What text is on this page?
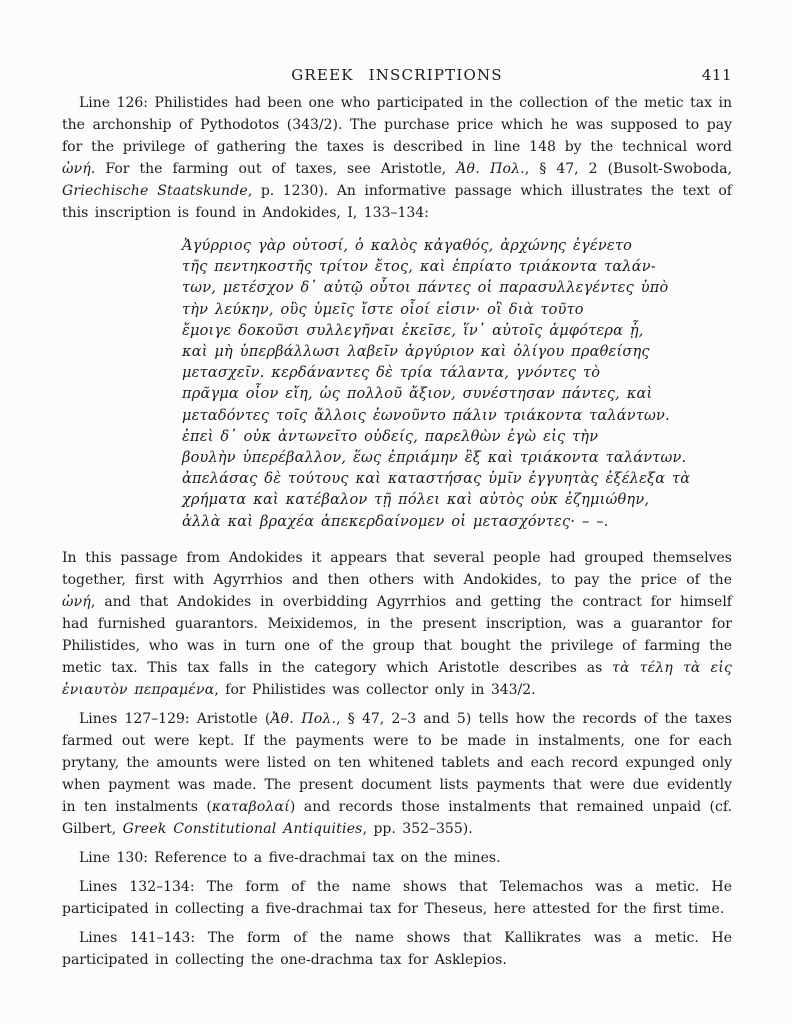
GREEK INSCRIPTIONS	411

Line 126: Philistides had been one who participated in the collection of the metic tax in the archonship of Pythodotos (343/2). The purchase price which he was supposed to pay for the privilege of gathering the taxes is described in line 148 by the technical word ὠνή. For the farming out of taxes, see Aristotle, Ἀθ. Πολ., § 47, 2 (Busolt-Swoboda, Griechische Staatskunde, p. 1230). An informative passage which illustrates the text of this inscription is found in Andokides, I, 133–134:

Ἀγύρριος γὰρ οὑτοσί, ὁ καλὸς κἀγαθός, ἀρχώνης ἐγένετο
τῆς πεντηκοστῆς τρίτον ἔτος, καὶ ἐπρίατο τριάκοντα ταλάν-
των, μετέσχον δ᾽ αὐτῷ οὗτοι πάντες οἱ παρασυλλεγέντες ὑπὸ
τὴν λεύκην, οὓς ὑμεῖς ἴστε οἷοί εἰσιν· οἳ διὰ τοῦτο
ἔμοιγε δοκοῦσι συλλεγῆναι ἐκεῖσε, ἵν᾽ αὐτοῖς ἀμφότερα ᾖ,
καὶ μὴ ὑπερβάλλωσι λαβεῖν ἀργύριον καὶ ὀλίγου πραθείσης
μετασχεῖν. κερδάναντες δὲ τρία τάλαντα, γνόντες τὸ
πρᾶγμα οἷον εἴη, ὡς πολλοῦ ἄξιον, συνέστησαν πάντες, καὶ
μεταδόντες τοῖς ἄλλοις ἐωνοῦντο πάλιν τριάκοντα ταλάντων.
ἐπεὶ δ᾽ οὐκ ἀντωνεῖτο οὐδείς, παρελθὼν ἐγὼ εἰς τὴν
βουλὴν ὑπερέβαλλον, ἕως ἐπριάμην ἓξ καὶ τριάκοντα ταλάντων.
ἀπελάσας δὲ τούτους καὶ καταστήσας ὑμῖν ἐγγυητὰς ἐξέλεξα τὰ
χρήματα καὶ κατέβαλον τῇ πόλει καὶ αὐτὸς οὐκ ἐζημιώθην,
ἀλλὰ καὶ βραχέα ἀπεκερδαίνομεν οἱ μετασχόντες· – –.

In this passage from Andokides it appears that several people had grouped themselves together, first with Agyrrhios and then others with Andokides, to pay the price of the ὠνή, and that Andokides in overbidding Agyrrhios and getting the contract for himself had furnished guarantors. Meixidemos, in the present inscription, was a guarantor for Philistides, who was in turn one of the group that bought the privilege of farming the metic tax. This tax falls in the category which Aristotle describes as τὰ τέλη τὰ εἰς ἐνιαυτὸν πεπραμένα, for Philistides was collector only in 343/2.

Lines 127–129: Aristotle (Ἀθ. Πολ., § 47, 2–3 and 5) tells how the records of the taxes farmed out were kept. If the payments were to be made in instalments, one for each prytany, the amounts were listed on ten whitened tablets and each record expunged only when payment was made. The present document lists payments that were due evidently in ten instalments (καταβολαί) and records those instalments that remained unpaid (cf. Gilbert, Greek Constitutional Antiquities, pp. 352–355).

Line 130: Reference to a five-drachmai tax on the mines.

Lines 132–134: The form of the name shows that Telemachos was a metic. He participated in collecting a five-drachmai tax for Theseus, here attested for the first time.

Lines 141–143: The form of the name shows that Kallikrates was a metic. He participated in collecting the one-drachma tax for Asklepios.
